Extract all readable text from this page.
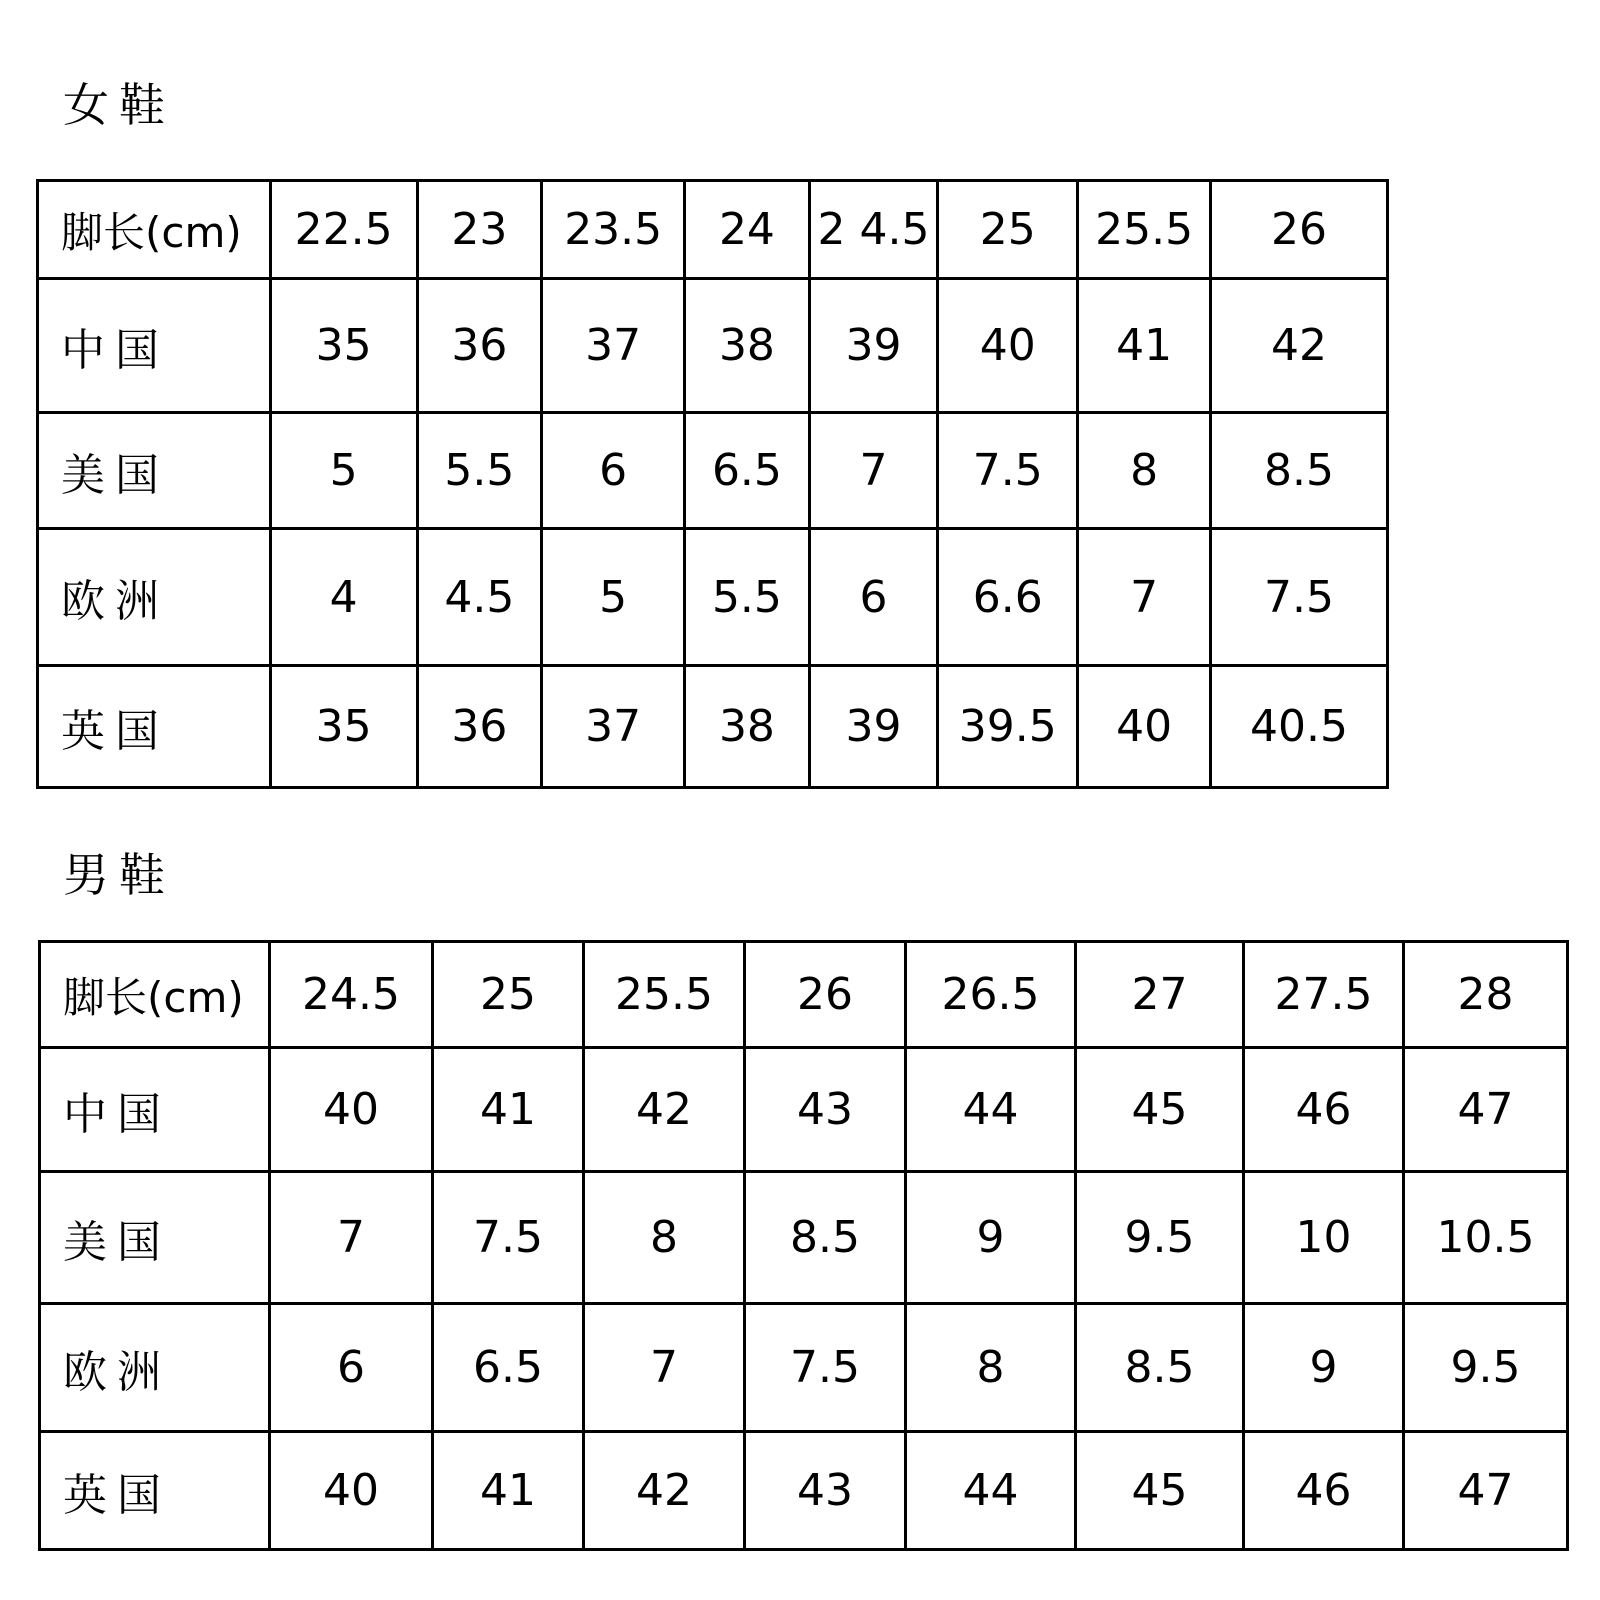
女鞋
脚长(cm)	22.5	23	23.5	24	2 4.5	25	25.5	26
中国	35	36	37	38	39	40	41	42
美国	5	5.5	6	6.5	7	7.5	8	8.5
欧洲	4	4.5	5	5.5	6	6.6	7	7.5
英国	35	36	37	38	39	39.5	40	40.5
男鞋
脚长(cm)	24.5	25	25.5	26	26.5	27	27.5	28
中国	40	41	42	43	44	45	46	47
美国	7	7.5	8	8.5	9	9.5	10	10.5
欧洲	6	6.5	7	7.5	8	8.5	9	9.5
英国	40	41	42	43	44	45	46	47
